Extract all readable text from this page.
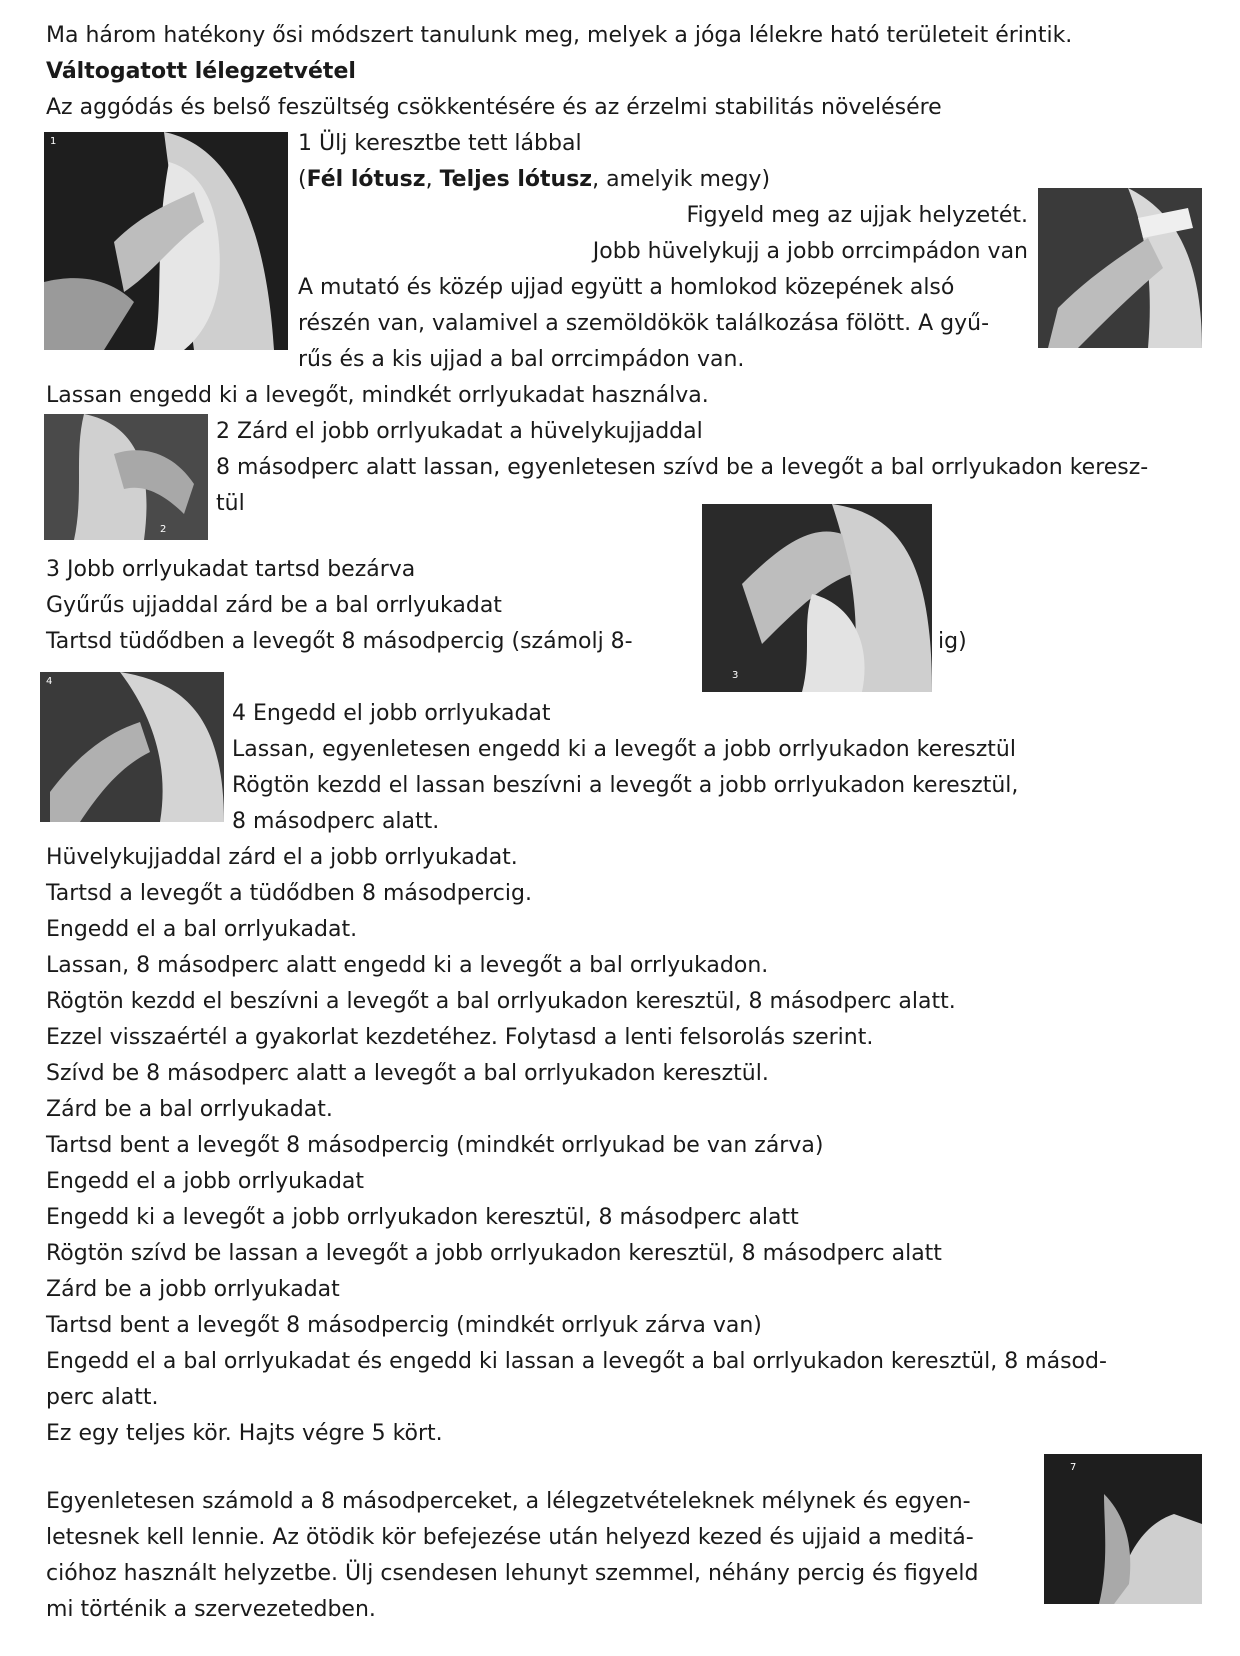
Ma három hatékony ősi módszert tanulunk meg, melyek a jóga lélekre ható területeit érintik.
Váltogatott lélegzetvétel
Az aggódás és belső feszültség csökkentésére és az érzelmi stabilitás növelésére
1	1 Ülj keresztbe tett lábbal
(Fél lótusz, Teljes lótusz, amelyik megy)
Figyeld meg az ujjak helyzetét.
Jobb hüvelykujj a jobb orrcimpádon van
A mutató és közép ujjad együtt a homlokod közepének alsó
részén van, valamivel a szemöldökök találkozása fölött. A gyű-
rűs és a kis ujjad a bal orrcimpádon van.
Lassan engedd ki a levegőt, mindkét orrlyukadat használva.
2
2 Zárd el jobb orrlyukadat a hüvelykujjaddal
8 másodperc alatt lassan, egyenletesen szívd be a levegőt a bal orrlyukadon keresz-
tül
3 Jobb orrlyukadat tartsd bezárva
Gyűrűs ujjaddal zárd be a bal orrlyukadat
Tartsd tüdődben a levegőt 8 másodpercig (számolj 8-	ig)
3
4
4 Engedd el jobb orrlyukadat
Lassan, egyenletesen engedd ki a levegőt a jobb orrlyukadon keresztül
Rögtön kezdd el lassan beszívni a levegőt a jobb orrlyukadon keresztül,
8 másodperc alatt.
Hüvelykujjaddal zárd el a jobb orrlyukadat.
Tartsd a levegőt a tüdődben 8 másodpercig.
Engedd el a bal orrlyukadat.
Lassan, 8 másodperc alatt engedd ki a levegőt a bal orrlyukadon.
Rögtön kezdd el beszívni a levegőt a bal orrlyukadon keresztül, 8 másodperc alatt.
Ezzel visszaértél a gyakorlat kezdetéhez. Folytasd a lenti felsorolás szerint.
Szívd be 8 másodperc alatt a levegőt a bal orrlyukadon keresztül.
Zárd be a bal orrlyukadat.
Tartsd bent a levegőt 8 másodpercig (mindkét orrlyukad be van zárva)
Engedd el a jobb orrlyukadat
Engedd ki a levegőt a jobb orrlyukadon keresztül, 8 másodperc alatt
Rögtön szívd be lassan a levegőt a jobb orrlyukadon keresztül, 8 másodperc alatt
Zárd be a jobb orrlyukadat
Tartsd bent a levegőt 8 másodpercig (mindkét orrlyuk zárva van)
Engedd el a bal orrlyukadat és engedd ki lassan a levegőt a bal orrlyukadon keresztül, 8 másod-
perc alatt.
Ez egy teljes kör. Hajts végre 5 kört.
Egyenletesen számold a 8 másodperceket, a lélegzetvételeknek mélynek és egyen-
letesnek kell lennie. Az ötödik kör befejezése után helyezd kezed és ujjaid a meditá-
cióhoz használt helyzetbe. Ülj csendesen lehunyt szemmel, néhány percig és figyeld
mi történik a szervezetedben.
7
